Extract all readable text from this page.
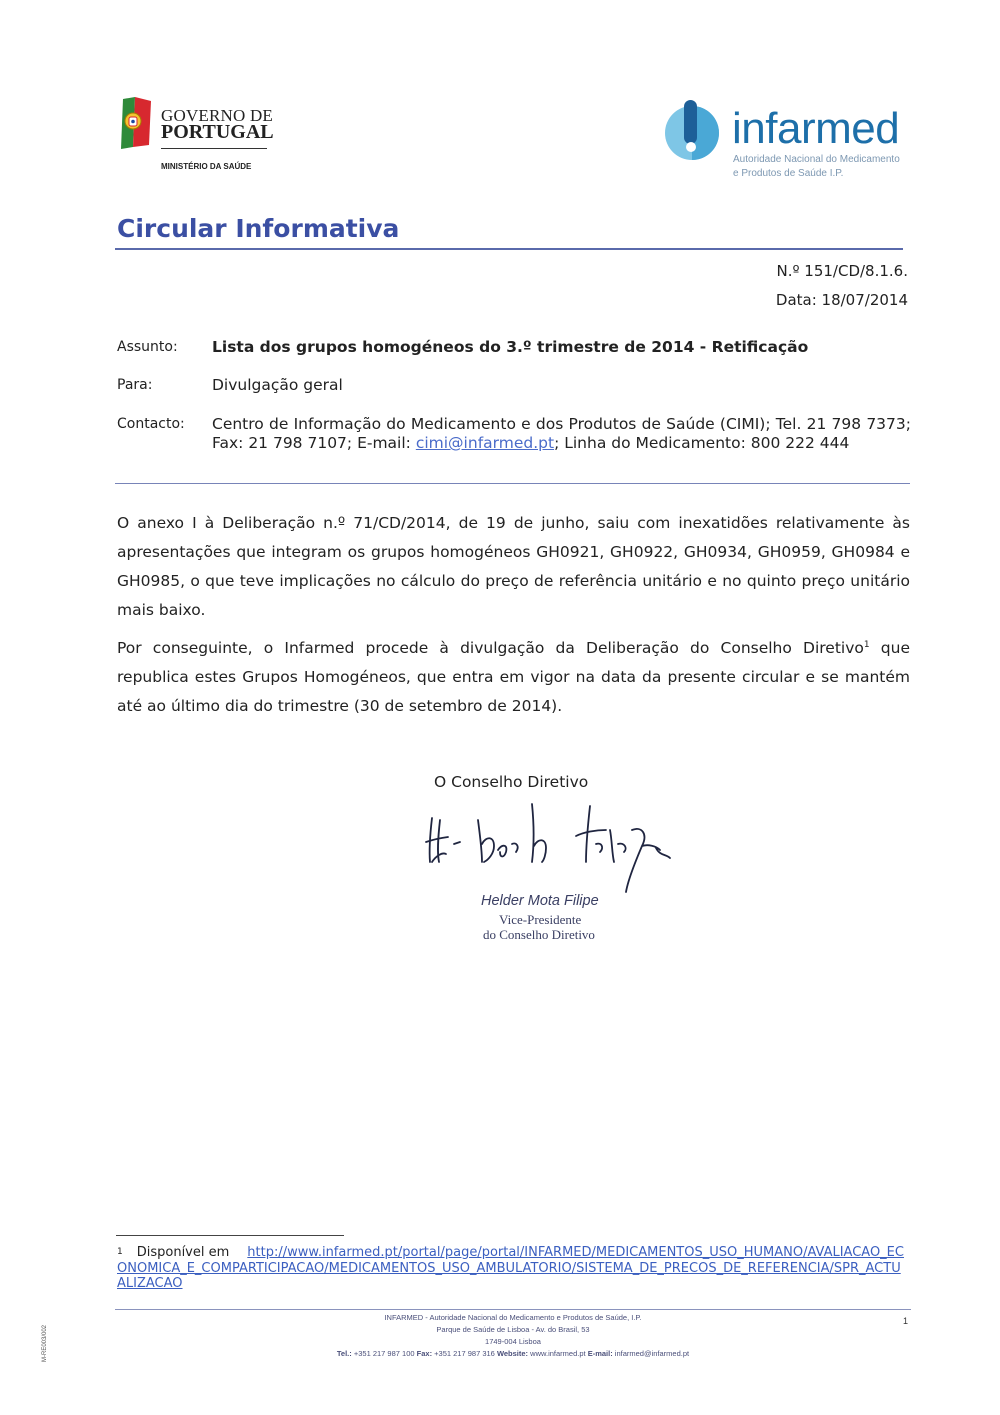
GOVERNO DE
PORTUGAL
MINISTÉRIO DA SAÚDE
infarmed
Autoridade Nacional do Medicamento
e Produtos de Saúde I.P.
Circular Informativa
N.º 151/CD/8.1.6.
Data: 18/07/2014
Assunto: Lista dos grupos homogéneos do 3.º trimestre de 2014 - Retificação
Para:	Divulgação geral
Contacto: Centro de Informação do Medicamento e dos Produtos de Saúde (CIMI); Tel. 21 798 7373; Fax: 21 798 7107; E-mail: cimi@infarmed.pt; Linha do Medicamento: 800 222 444
O anexo I à Deliberação n.º 71/CD/2014, de 19 de junho, saiu com inexatidões relativamente às apresentações que integram os grupos homogéneos GH0921, GH0922, GH0934, GH0959, GH0984 e GH0985, o que teve implicações no cálculo do preço de referência unitário e no quinto preço unitário mais baixo.
Por conseguinte, o Infarmed procede à divulgação da Deliberação do Conselho Diretivo$^1$ que republica estes Grupos Homogéneos, que entra em vigor na data da presente circular e se mantém até ao último dia do trimestre (30 de setembro de 2014).
O Conselho Diretivo
Helder Mota Filipe
Vice-Presidente
do Conselho Diretivo
$^1$ Disponível em http://www.infarmed.pt/portal/page/portal/INFARMED/MEDICAMENTOS_USO_HUMANO/AVALIACAO_ECONOMICA_E_COMPARTICIPACAO/MEDICAMENTOS_USO_AMBULATORIO/SISTEMA_DE_PRECOS_DE_REFERENCIA/SPR_ACTUALIZACAO
INFARMED - Autoridade Nacional do Medicamento e Produtos de Saúde, I.P.
Parque de Saúde de Lisboa - Av. do Brasil, 53
1749-004 Lisboa
Tel.: +351 217 987 100 Fax: +351 217 987 316 Website: www.infarmed.pt E-mail: infarmed@infarmed.pt
1
M-RE003/002
